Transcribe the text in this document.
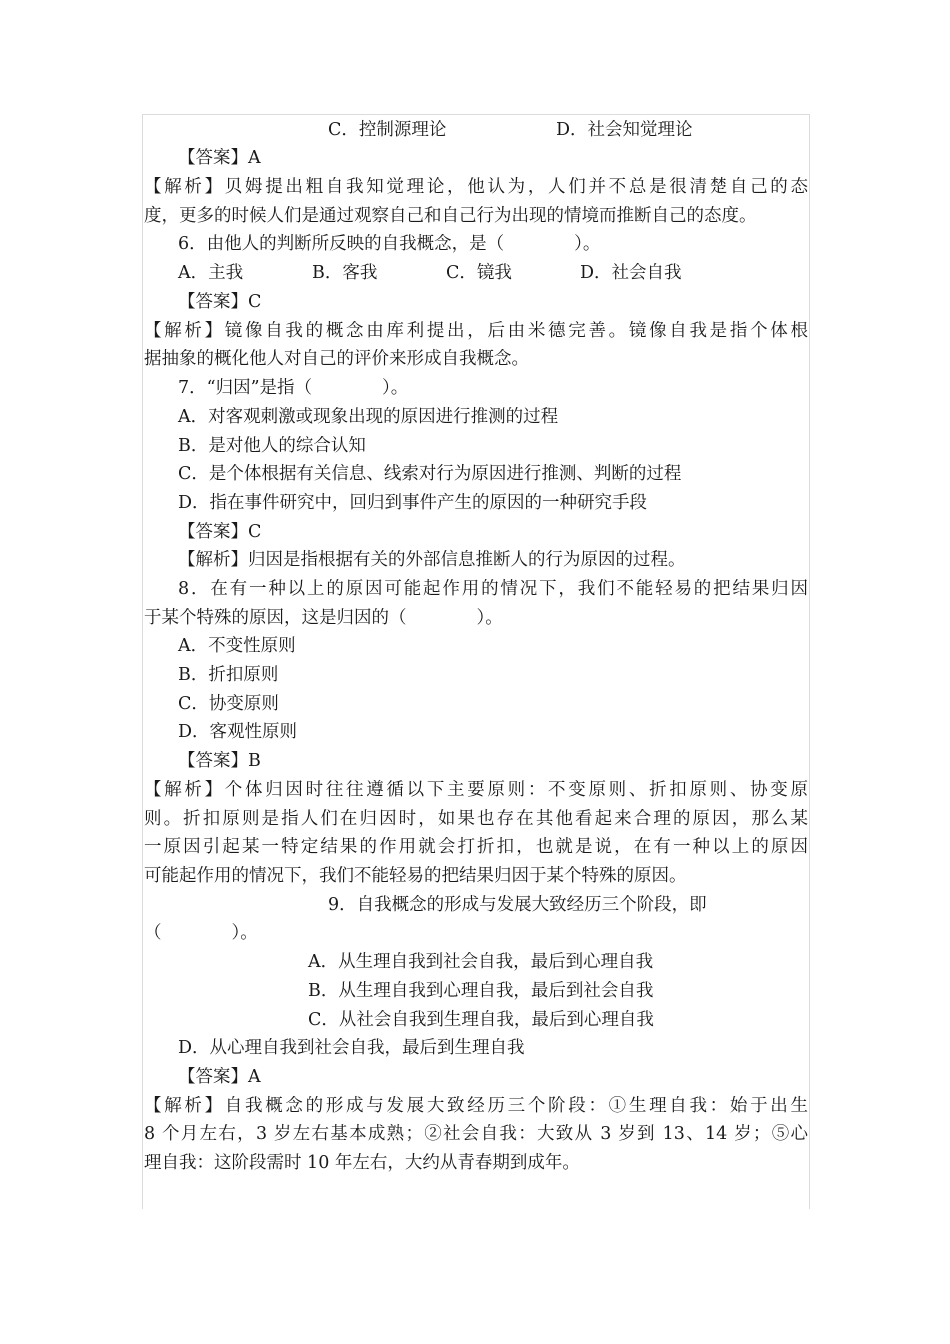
C．控制源理论	D．社会知觉理论
【答案】A
【解析】贝姆提出粗自我知觉理论，他认为，人们并不总是很清楚自己的态
度，更多的时候人们是通过观察自己和自己行为出现的情境而推断自己的态度。
6．由他人的判断所反映的自我概念，是（　　　　）。
A．主我	B．客我	C．镜我	D．社会自我
【答案】C
【解析】镜像自我的概念由库利提出，后由米德完善。镜像自我是指个体根
据抽象的概化他人对自己的评价来形成自我概念。
7．“归因”是指（　　　　）。
A．对客观刺激或现象出现的原因进行推测的过程
B．是对他人的综合认知
C．是个体根据有关信息、线索对行为原因进行推测、判断的过程
D．指在事件研究中，回归到事件产生的原因的一种研究手段
【答案】C
【解析】归因是指根据有关的外部信息推断人的行为原因的过程。
8．在有一种以上的原因可能起作用的情况下，我们不能轻易的把结果归因
于某个特殊的原因，这是归因的（　　　　）。
A．不变性原则
B．折扣原则
C．协变原则
D．客观性原则
【答案】B
【解析】个体归因时往往遵循以下主要原则：不变原则、折扣原则、协变原
则。折扣原则是指人们在归因时，如果也存在其他看起来合理的原因，那么某
一原因引起某一特定结果的作用就会打折扣，也就是说，在有一种以上的原因
可能起作用的情况下，我们不能轻易的把结果归因于某个特殊的原因。
9．自我概念的形成与发展大致经历三个阶段，即
（　　　　）。
A．从生理自我到社会自我，最后到心理自我
B．从生理自我到心理自我，最后到社会自我
C．从社会自我到生理自我，最后到心理自我
D．从心理自我到社会自我，最后到生理自我
【答案】A
【解析】自我概念的形成与发展大致经历三个阶段：①生理自我：始于出生
8 个月左右，3 岁左右基本成熟；②社会自我：大致从 3 岁到 13、14 岁；⑤心
理自我：这阶段需时 10 年左右，大约从青春期到成年。
